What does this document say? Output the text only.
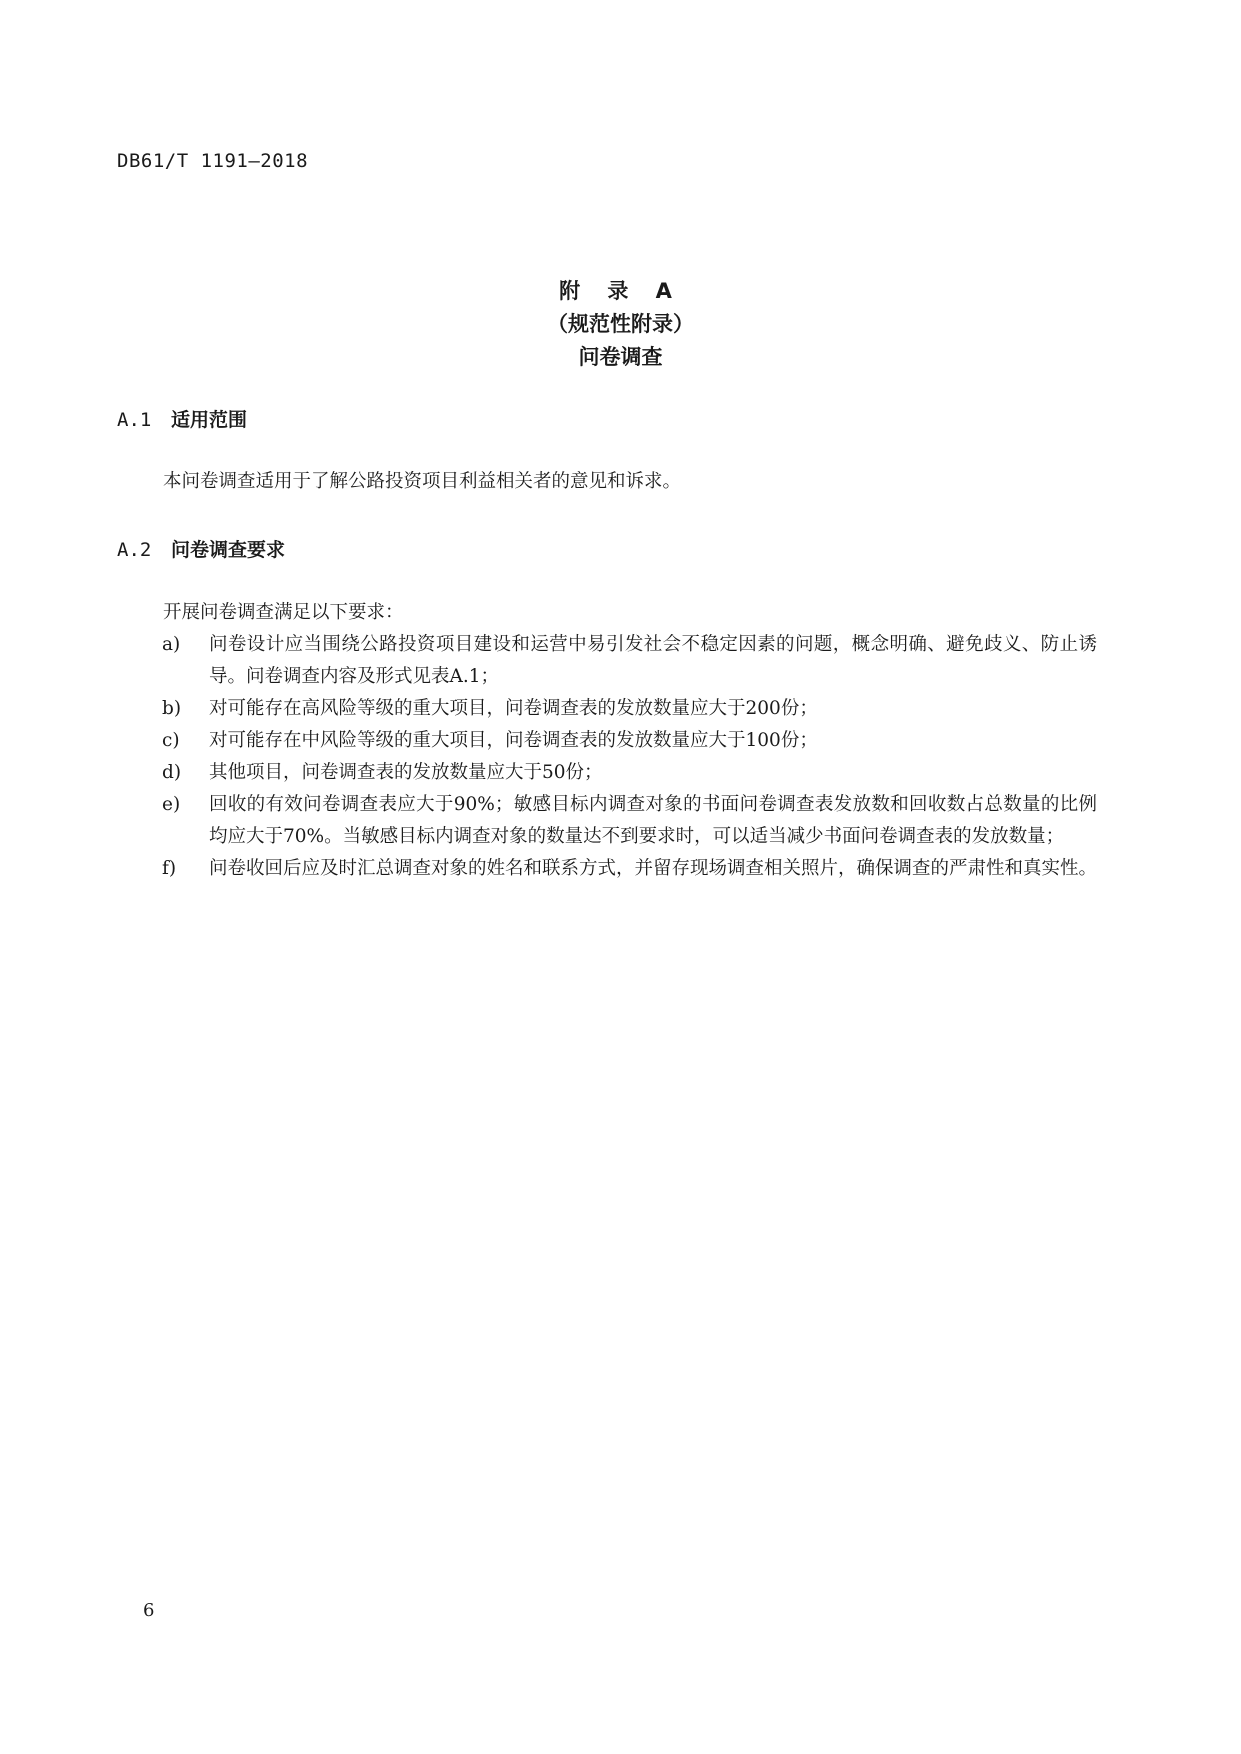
DB61/T 1191—2018
附 录 A
（规范性附录）
问卷调查
A.1 适用范围
本问卷调查适用于了解公路投资项目利益相关者的意见和诉求。
A.2 问卷调查要求
开展问卷调查满足以下要求：
a)	问卷设计应当围绕公路投资项目建设和运营中易引发社会不稳定因素的问题，概念明确、避免歧义、防止诱导。问卷调查内容及形式见表A.1；
b)	对可能存在高风险等级的重大项目，问卷调查表的发放数量应大于200份；
c)	对可能存在中风险等级的重大项目，问卷调查表的发放数量应大于100份；
d)	其他项目，问卷调查表的发放数量应大于50份；
e)	回收的有效问卷调查表应大于90%；敏感目标内调查对象的书面问卷调查表发放数和回收数占总数量的比例均应大于70%。当敏感目标内调查对象的数量达不到要求时，可以适当减少书面问卷调查表的发放数量；
f)	问卷收回后应及时汇总调查对象的姓名和联系方式，并留存现场调查相关照片，确保调查的严肃性和真实性。
6
